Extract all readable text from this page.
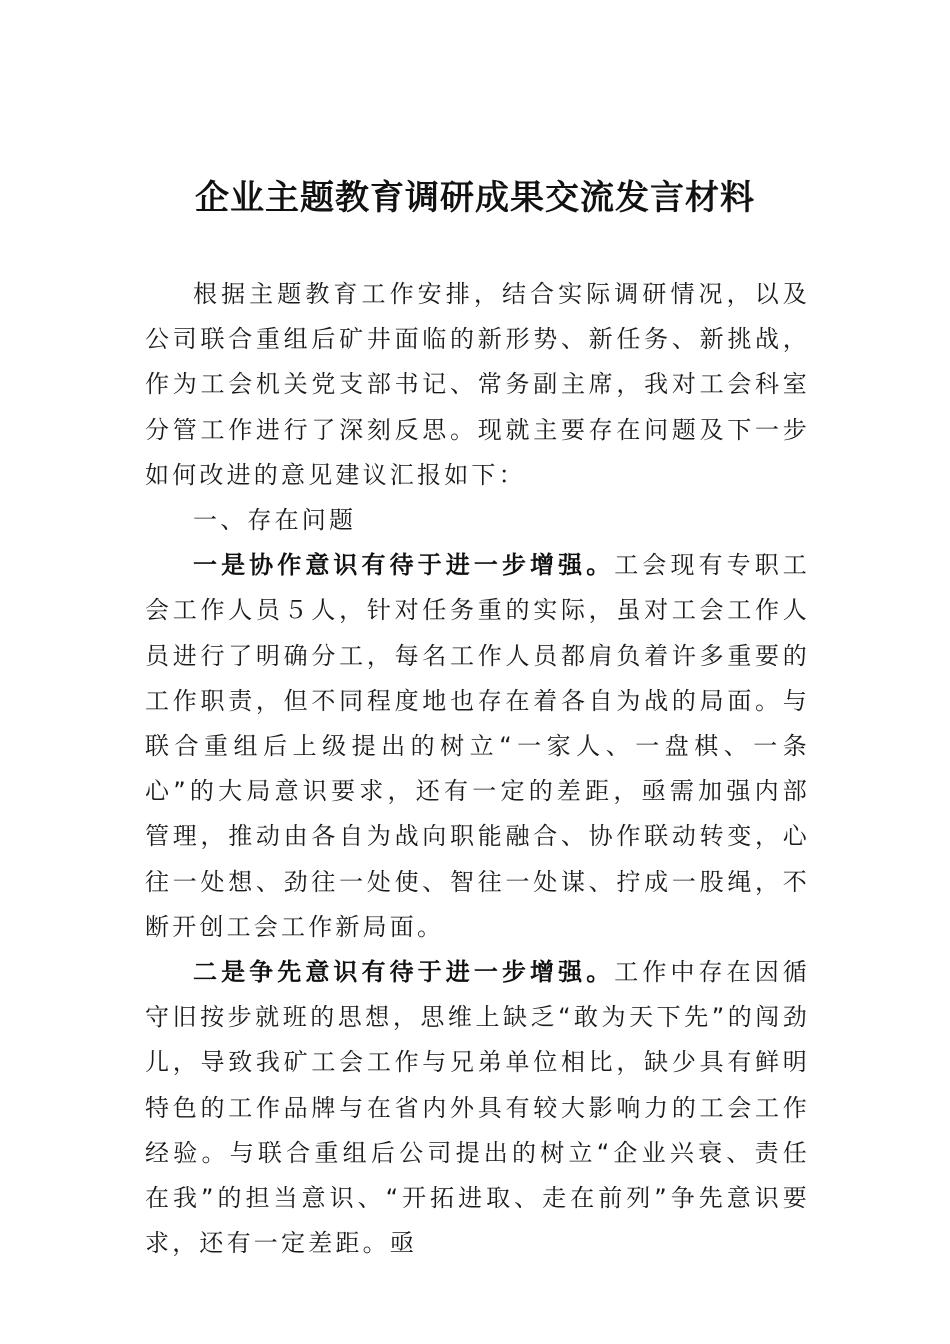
企业主题教育调研成果交流发言材料

根据主题教育工作安排，结合实际调研情况，以及公司联合重组后矿井面临的新形势、新任务、新挑战，作为工会机关党支部书记、常务副主席，我对工会科室分管工作进行了深刻反思。现就主要存在问题及下一步如何改进的意见建议汇报如下：

一、存在问题

一是协作意识有待于进一步增强。工会现有专职工会工作人员５人，针对任务重的实际，虽对工会工作人员进行了明确分工，每名工作人员都肩负着许多重要的工作职责，但不同程度地也存在着各自为战的局面。与联合重组后上级提出的树立“一家人、一盘棋、一条心”的大局意识要求，还有一定的差距，亟需加强内部管理，推动由各自为战向职能融合、协作联动转变，心往一处想、劲往一处使、智往一处谋、拧成一股绳，不断开创工会工作新局面。

二是争先意识有待于进一步增强。工作中存在因循守旧按步就班的思想，思维上缺乏“敢为天下先”的闯劲儿，导致我矿工会工作与兄弟单位相比，缺少具有鲜明特色的工作品牌与在省内外具有较大影响力的工会工作经验。与联合重组后公司提出的树立“企业兴衰、责任在我”的担当意识、“开拓进取、走在前列”争先意识要求，还有一定差距。亟
